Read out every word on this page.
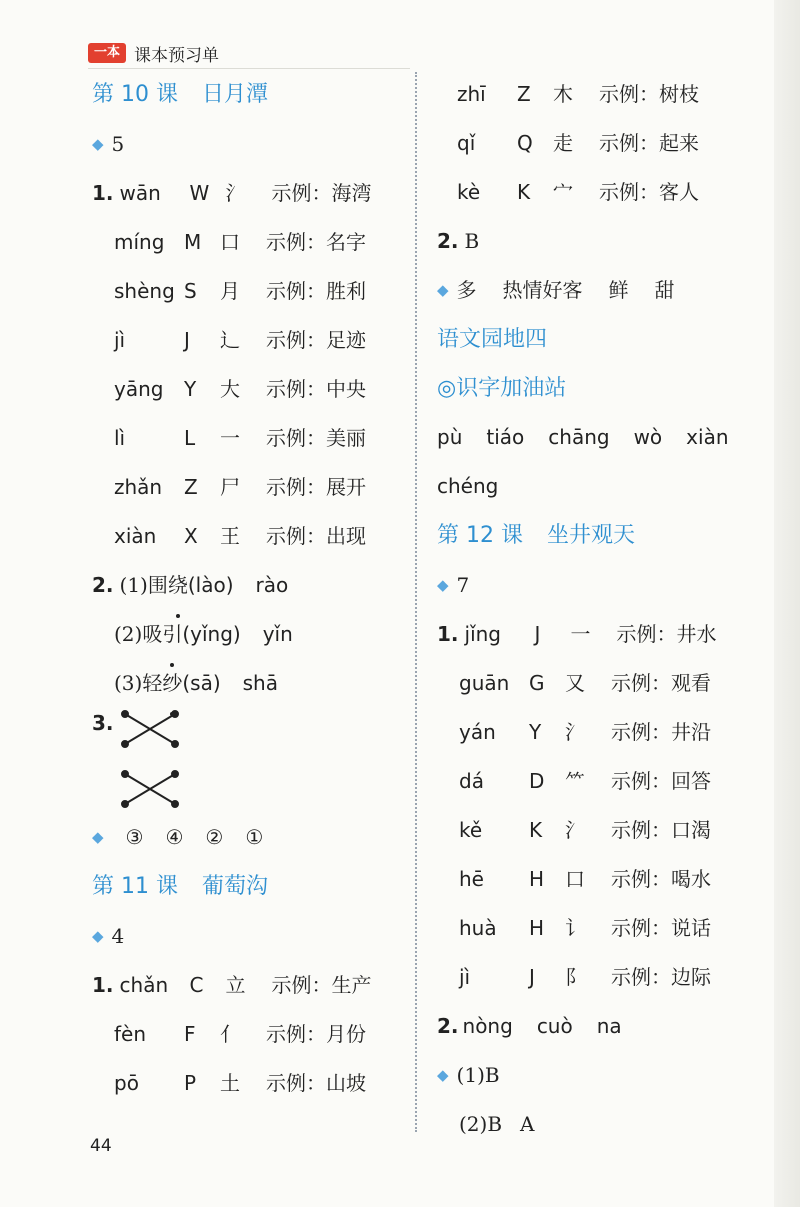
一本 课本预习单
第 10 课 日月潭
◆ 5
1. wān	W 氵	示例：海湾
míng M 口	示例：名字
shèng S	月	示例：胜利
jì	J	辶	示例：足迹
yāng	Y	大	示例：中央
lì	L	一	示例：美丽
zhǎn	Z	尸	示例：展开
xiàn	X	王	示例：出现
2. (1)围 绕 (lào) rào
(2)吸 引 (yǐng) yǐn
(3)轻 纱 (sā) shā
3.
◆ ③ ④ ② ①
第 11 课 葡萄沟
◆ 4
1. chǎn	C	立	示例：生产
fèn	F	亻	示例：月份
pō	P	土	示例：山坡
44
zhī	Z	木	示例：树枝
qǐ	Q	走	示例：起来
kè	K	宀	示例：客人
2. B
◆ 多 热情好客 鲜 甜
语文园地四
◎识字加油站
pù tiáo chāng wò xiàn
chéng
第 12 课 坐井观天
◆ 7
1. jǐng	J	一	示例：井水
guān G	又	示例：观看
yán	Y	氵	示例：井沿
dá	D	⺮	示例：回答
kě	K	氵	示例：口渴
hē	H	口	示例：喝水
huà	H	讠	示例：说话
jì	J	阝	示例：边际
2. nòng cuò na
◆ (1)B
(2)B A
